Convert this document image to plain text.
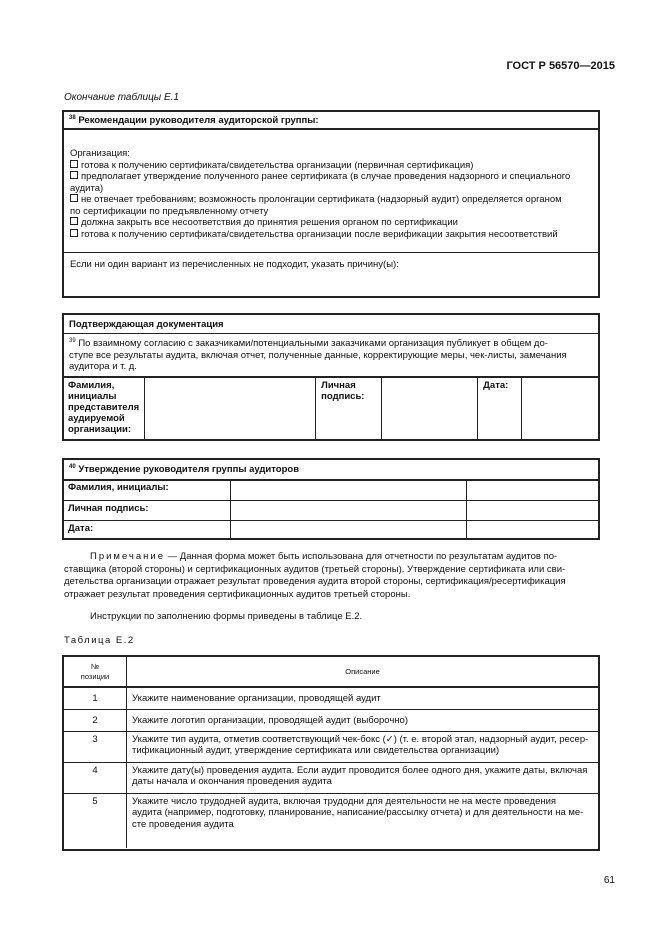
ГОСТ Р 56570—2015
Окончание таблицы Е.1
$^{38}$ Рекомендации руководителя аудиторской группы:
Организация:
готова к получению сертификата/свидетельства организации (первичная сертификация)
предполагает утверждение полученного ранее сертификата (в случае проведения надзорного и специального
аудита)
не отвечает требованиям; возможность пролонгации сертификата (надзорный аудит) определяется органом
по сертификации по предъявленному отчету
должна закрыть все несоответствия до принятия решения органом по сертификации
готова к получению сертификата/свидетельства организации после верификации закрытия несоответствий
Если ни один вариант из перечисленных не подходит, указать причину(ы):
Подтверждающая документация
$^{39}$ По взаимному согласию с заказчиками/потенциальными заказчиками организация публикует в общем до-
ступе все результаты аудита, включая отчет, полученные данные, корректирующие меры, чек-листы, замечания
аудитора и т. д.
Фамилия,
инициалы
представителя
аудируемой
организации:

Личная
подпись:
		Дата:	
$^{40}$ Утверждение руководителя группы аудиторов
Фамилия, инициалы:		
Личная подпись:		
Дата:		
Примечание — Данная форма может быть использована для отчетности по результатам аудитов по-
ставщика (второй стороны) и сертификационных аудитов (третьей стороны). Утверждение сертификата или сви-
детельства организации отражает результат проведения аудита второй стороны, сертификация/ресертификация
отражает результат проведения сертификационных аудитов третьей стороны.
Инструкции по заполнению формы приведены в таблице Е.2.
Таблица Е.2
№
позиции	Описание
1	Укажите наименование организации, проводящей аудит

2	Укажите логотип организации, проводящей аудит (выборочно)

3	Укажите тип аудита, отметив соответствующий чек-бокс (✓) (т. е. второй этап, надзорный аудит, ресер-
тификационный аудит, утверждение сертификата или свидетельства организации)

4	Укажите дату(ы) проведения аудита. Если аудит проводится более одного дня, укажите даты, включая
даты начала и окончания проведения аудита

5	Укажите число трудодней аудита, включая трудодни для деятельности не на месте проведения
аудита (например, подготовку, планирование, написание/рассылку отчета) и для деятельности на ме-
сте проведения аудита
61
